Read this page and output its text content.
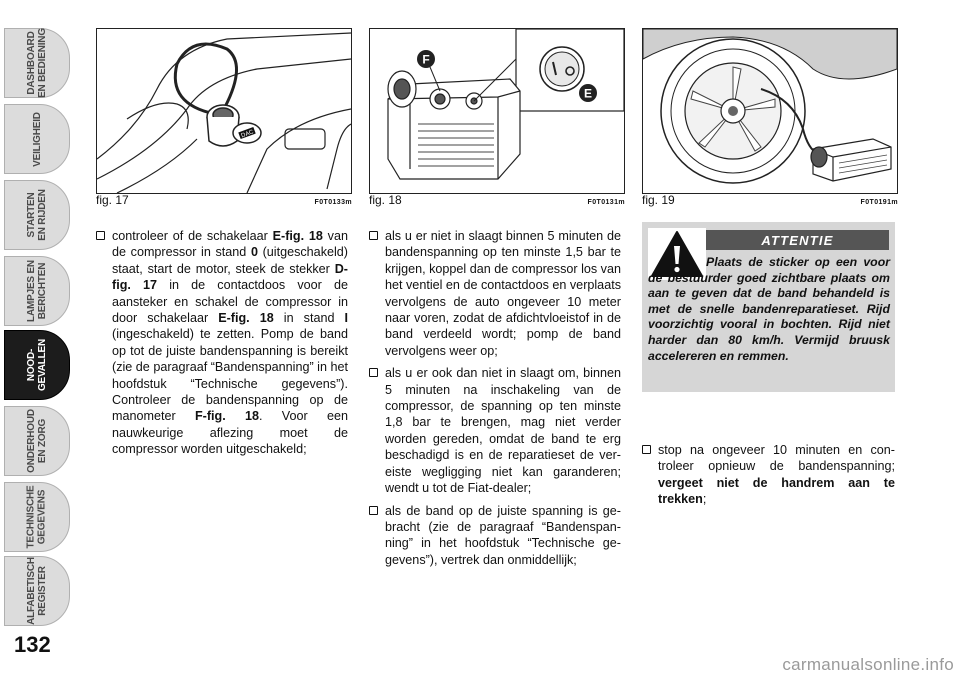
DASHBOARD
EN BEDIENING
VEILIGHEID
STARTEN
EN RIJDEN
LAMPJES EN
BERICHTEN
NOOD-
GEVALLEN
ONDERHOUD
EN ZORG
TECHNISCHE
GEGEVENS
ALFABETISCH
REGISTER
132
DAC
fig. 17	F0T0133m
F
E
fig. 18	F0T0131m fig. 19	F0T0191m

controleer of de schakelaar E-fig. 18 van de compressor in stand 0 (uitgeschakeld) staat, start de motor, steek de stekker D-fig. 17 in de contactdoos voor de aansteker en schakel de compressor in door schakelaar E-fig. 18 in stand I (ingeschakeld) te zetten. Pomp de band op tot de juiste bandenspanning is bereikt (zie de paragraaf “Bandenspanning” in het hoofdstuk “Technische gegevens”). Controleer de bandenspanning op de manometer F-fig. 18. Voor een nauwkeurige aflezing moet de compressor worden uitgeschakeld;

als u er niet in slaagt binnen 5 minuten de bandenspanning op ten minste 1,5 bar te krijgen, koppel dan de compressor los van het ventiel en de contactdoos en verplaats vervolgens de auto ongeveer 10 meter naar voren, zodat de afdichtvloeistof in de band verdeeld wordt; pomp de band vervolgens weer op;

als u er ook dan niet in slaagt om, binnen 5 minuten na inschakeling van de compressor, de spanning op ten minste 1,8 bar te brengen, mag niet verder worden gereden, omdat de band te erg beschadigd is en de reparatieset de vereiste wegligging niet kan garanderen; wendt u tot de Fiat-dealer;

als de band op de juiste spanning is gebracht (zie de paragraaf “Bandenspanning” in het hoofdstuk “Technische gegevens”), vertrek dan onmiddellijk;

ATTENTIE
Plaats de sticker op een voor de bestuurder goed zichtbare plaats om aan te geven dat de band behandeld is met de snelle bandenreparatieset. Rijd voorzichtig vooral in bochten. Rijd niet harder dan 80 km/h. Vermijd bruusk accelereren en remmen.

stop na ongeveer 10 minuten en controleer opnieuw de bandenspanning; vergeet niet de handrem aan te trekken;

carmanualsonline.info
